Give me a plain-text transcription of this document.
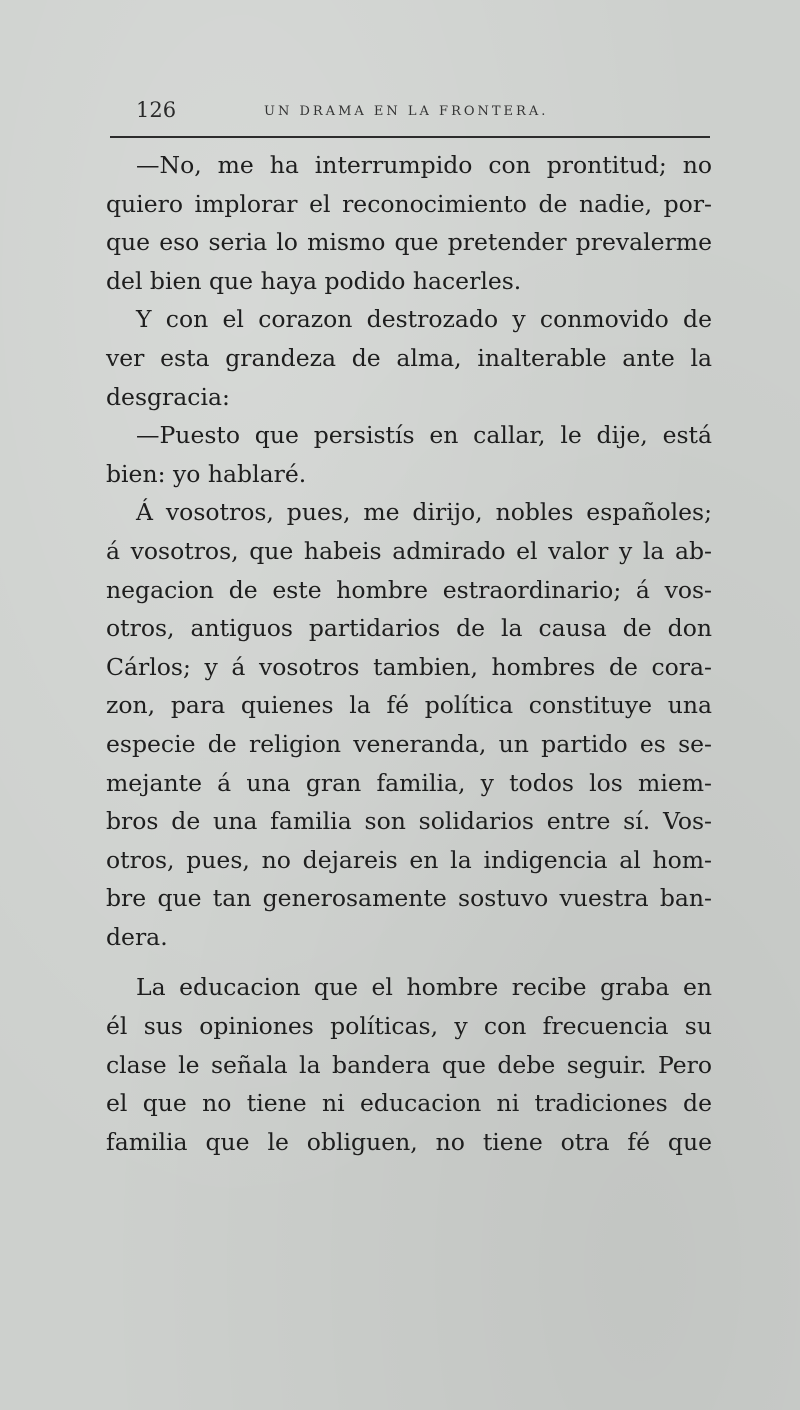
126	UN DRAMA EN LA FRONTERA.
—No, me ha interrumpido con prontitud; no
quiero implorar el reconocimiento de nadie, por-
que eso seria lo mismo que pretender prevalerme
del bien que haya podido hacerles.
Y con el corazon destrozado y conmovido de
ver esta grandeza de alma, inalterable ante la
desgracia:
—Puesto que persistís en callar, le dije, está
bien: yo hablaré.
Á vosotros, pues, me dirijo, nobles españoles;
á vosotros, que habeis admirado el valor y la ab-
negacion de este hombre estraordinario; á vos-
otros, antiguos partidarios de la causa de don
Cárlos; y á vosotros tambien, hombres de cora-
zon, para quienes la fé política constituye una
especie de religion veneranda, un partido es se-
mejante á una gran familia, y todos los miem-
bros de una familia son solidarios entre sí. Vos-
otros, pues, no dejareis en la indigencia al hom-
bre que tan generosamente sostuvo vuestra ban-
dera.
La educacion que el hombre recibe graba en
él sus opiniones políticas, y con frecuencia su
clase le señala la bandera que debe seguir. Pero
el que no tiene ni educacion ni tradiciones de
familia que le obliguen, no tiene otra fé que
